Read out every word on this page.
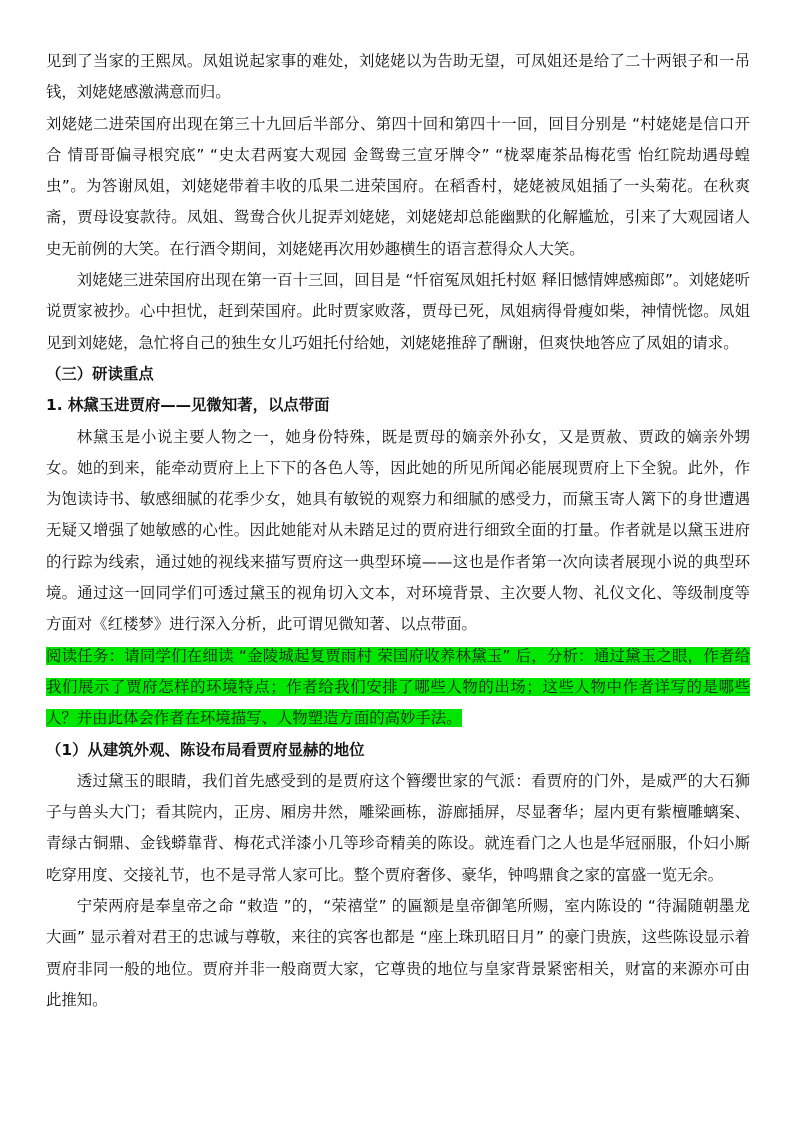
见到了当家的王熙凤。凤姐说起家事的难处，刘姥姥以为告助无望，可凤姐还是给了二十两银子和一吊钱，刘姥姥感激满意而归。

刘姥姥二进荣国府出现在第三十九回后半部分、第四十回和第四十一回，回目分别是 “村姥姥是信口开合 情哥哥偏寻根究底” “史太君两宴大观园 金鸳鸯三宣牙牌令” “栊翠庵茶品梅花雪 怡红院劫遇母蝗虫”。为答谢凤姐，刘姥姥带着丰收的瓜果二进荣国府。在稻香村，姥姥被凤姐插了一头菊花。在秋爽斋，贾母设宴款待。凤姐、鸳鸯合伙儿捉弄刘姥姥，刘姥姥却总能幽默的化解尴尬，引来了大观园诸人史无前例的大笑。在行酒令期间，刘姥姥再次用妙趣横生的语言惹得众人大笑。

刘姥姥三进荣国府出现在第一百十三回，回目是 “忏宿冤凤姐托村妪 释旧憾情婢感痴郎”。刘姥姥听说贾家被抄。心中担忧，赶到荣国府。此时贾家败落，贾母已死，凤姐病得骨瘦如柴，神情恍惚。凤姐见到刘姥姥，急忙将自己的独生女儿巧姐托付给她，刘姥姥推辞了酬谢，但爽快地答应了凤姐的请求。

（三）研读重点

1. 林黛玉进贾府——见微知著，以点带面

林黛玉是小说主要人物之一，她身份特殊，既是贾母的嫡亲外孙女，又是贾赦、贾政的嫡亲外甥女。她的到来，能牵动贾府上上下下的各色人等，因此她的所见所闻必能展现贾府上下全貌。此外，作为饱读诗书、敏感细腻的花季少女，她具有敏锐的观察力和细腻的感受力，而黛玉寄人篱下的身世遭遇无疑又增强了她敏感的心性。因此她能对从未踏足过的贾府进行细致全面的打量。作者就是以黛玉进府的行踪为线索，通过她的视线来描写贾府这一典型环境——这也是作者第一次向读者展现小说的典型环境。通过这一回同学们可透过黛玉的视角切入文本，对环境背景、主次要人物、礼仪文化、等级制度等方面对《红楼梦》进行深入分析，此可谓见微知著、以点带面。

阅读任务：请同学们在细读 “金陵城起复贾雨村 荣国府收养林黛玉” 后，分析：通过黛玉之眼，作者给我们展示了贾府怎样的环境特点；作者给我们安排了哪些人物的出场；这些人物中作者详写的是哪些人？并由此体会作者在环境描写、人物塑造方面的高妙手法。

（1）从建筑外观、陈设布局看贾府显赫的地位

透过黛玉的眼睛，我们首先感受到的是贾府这个簪缨世家的气派：看贾府的门外，是威严的大石狮子与兽头大门；看其院内，正房、厢房井然，雕梁画栋，游廊插屏，尽显奢华；屋内更有紫檀雕螭案、青绿古铜鼎、金钱蟒靠背、梅花式洋漆小几等珍奇精美的陈设。就连看门之人也是华冠丽服，仆妇小厮吃穿用度、交接礼节，也不是寻常人家可比。整个贾府奢侈、豪华，钟鸣鼎食之家的富盛一览无余。

宁荣两府是奉皇帝之命 “敕造 ”的，“荣禧堂” 的匾额是皇帝御笔所赐，室内陈设的 “待漏随朝墨龙大画” 显示着对君王的忠诚与尊敬，来往的宾客也都是 “座上珠玑昭日月” 的豪门贵族，这些陈设显示着贾府非同一般的地位。贾府并非一般商贾大家，它尊贵的地位与皇家背景紧密相关，财富的来源亦可由此推知。
